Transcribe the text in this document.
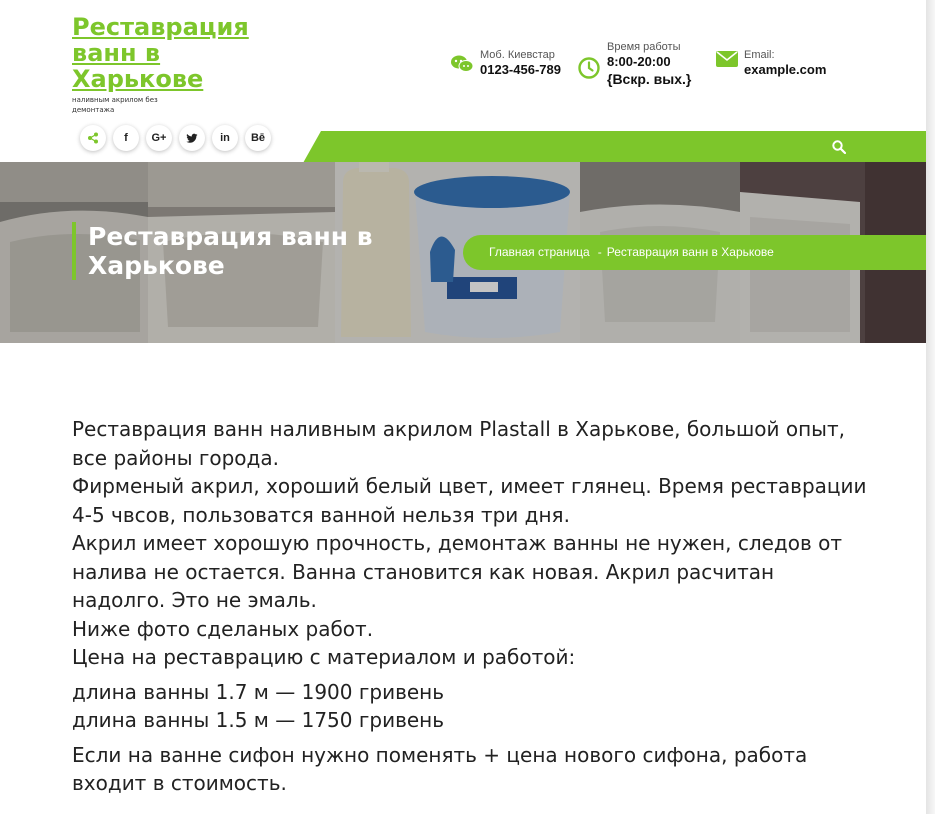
Реставрация ванн в Харькове
наливным акрилом без демонтажа
Моб. Киевстар
0123-456-789
Время работы
8:00-20:00
{Вскр. вых.}
Email:
example.com
f	G+	in	Bē
Реставрация ванн в Харькове	Главная страница - Реставрация ванн в Харькове

Реставрация ванн наливным акрилом Plastall в Харькове, большой опыт, все районы города.

Фирменый акрил, хороший белый цвет, имеет глянец. Время реставрации 4-5 чвсов, пользоватся ванной нельзя три дня.

Акрил имеет хорошую прочность, демонтаж ванны не нужен, следов от налива не остается. Ванна становится как новая. Акрил расчитан надолго. Это не эмаль.

Ниже фото сделаных работ.

Цена на реставрацию с материалом и работой:

длина ванны 1.7 м — 1900 гривень

длина ванны 1.5 м — 1750 гривень

Если на ванне сифон нужно поменять + цена нового сифона, работа входит в стоимость.
